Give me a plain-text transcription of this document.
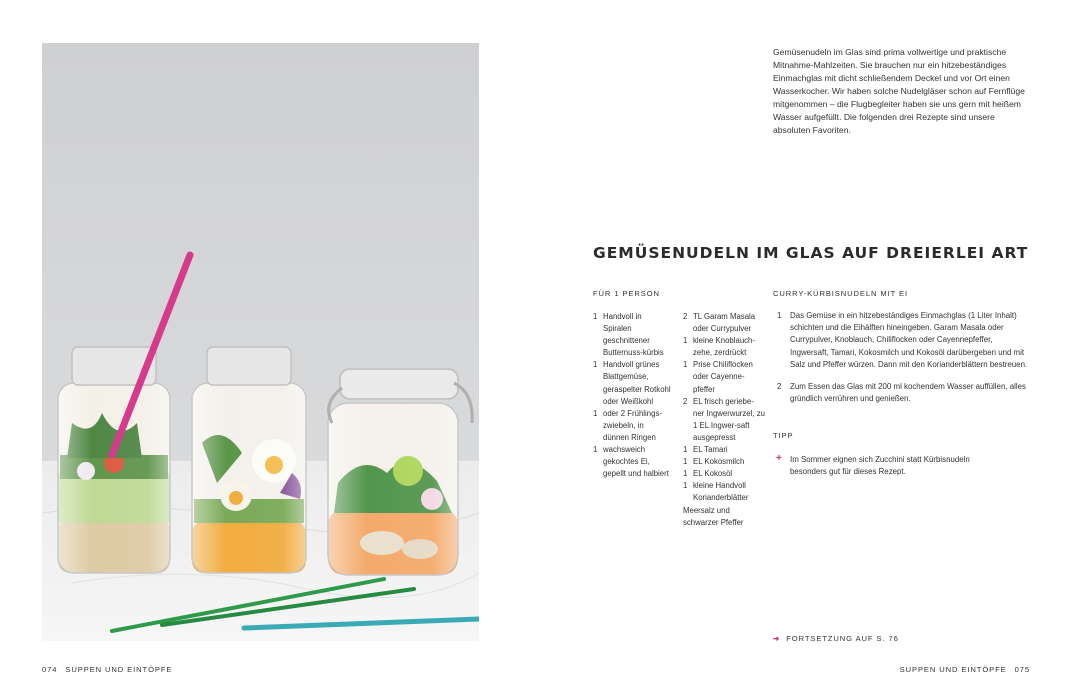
Gemüsenudeln im Glas sind prima vollwertige und praktische Mitnahme-Mahlzeiten. Sie brauchen nur ein hitzebeständiges Einmachglas mit dicht schließendem Deckel und vor Ort einen Wasserkocher. Wir haben solche Nudelgläser schon auf Fernflüge mitgenommen – die Flugbegleiter haben sie uns gern mit heißem Wasser aufgefüllt. Die folgenden drei Rezepte sind unsere absoluten Favoriten.
GEMÜSENUDELN IM GLAS AUF DREIERLEI ART
FÜR 1 PERSON	CURRY-KÜRBISNUDELN MIT EI
1 Handvoll in Spiralen geschnittener Butternuss-kürbis
1 Handvoll grünes Blattgemüse, geraspelter Rotkohl oder Weißkohl
1 oder 2 Frühlings-zwiebeln, in dünnen Ringen
1 wachsweich gekochtes Ei, gepellt und halbiert
2 TL Garam Masala oder Currypulver
1 kleine Knoblauch-zehe, zerdrückt
1 Prise Chiliflocken oder Cayenne-pfeffer
2 EL frisch geriebe-ner Ingwerwurzel, zu 1 EL Ingwer-saft ausgepresst
1 EL Tamari
1 EL Kokosmilch
1 EL Kokosöl
1 kleine Handvoll Korianderblätter
Meersalz und schwarzer Pfeffer
1 Das Gemüse in ein hitzebeständiges Einmachglas (1 Liter Inhalt) schichten und die Eihälften hineingeben. Garam Masala oder Currypulver, Knoblauch, Chiliflocken oder Cayennepfeffer, Ingwersaft, Tamari, Kokosmilch und Kokosöl darübergeben und mit Salz und Pfeffer würzen. Dann mit den Korianderblättern bestreuen.
2 Zum Essen das Glas mit 200 ml kochendem Wasser auffüllen, alles gründlich verrühren und genießen.
TIPP
+	Im Sommer eignen sich Zucchini statt Kürbisnudeln besonders gut für dieses Rezept.
➜ FORTSETZUNG AUF S. 76
074 SUPPEN UND EINTÖPFE	SUPPEN UND EINTÖPFE 075
